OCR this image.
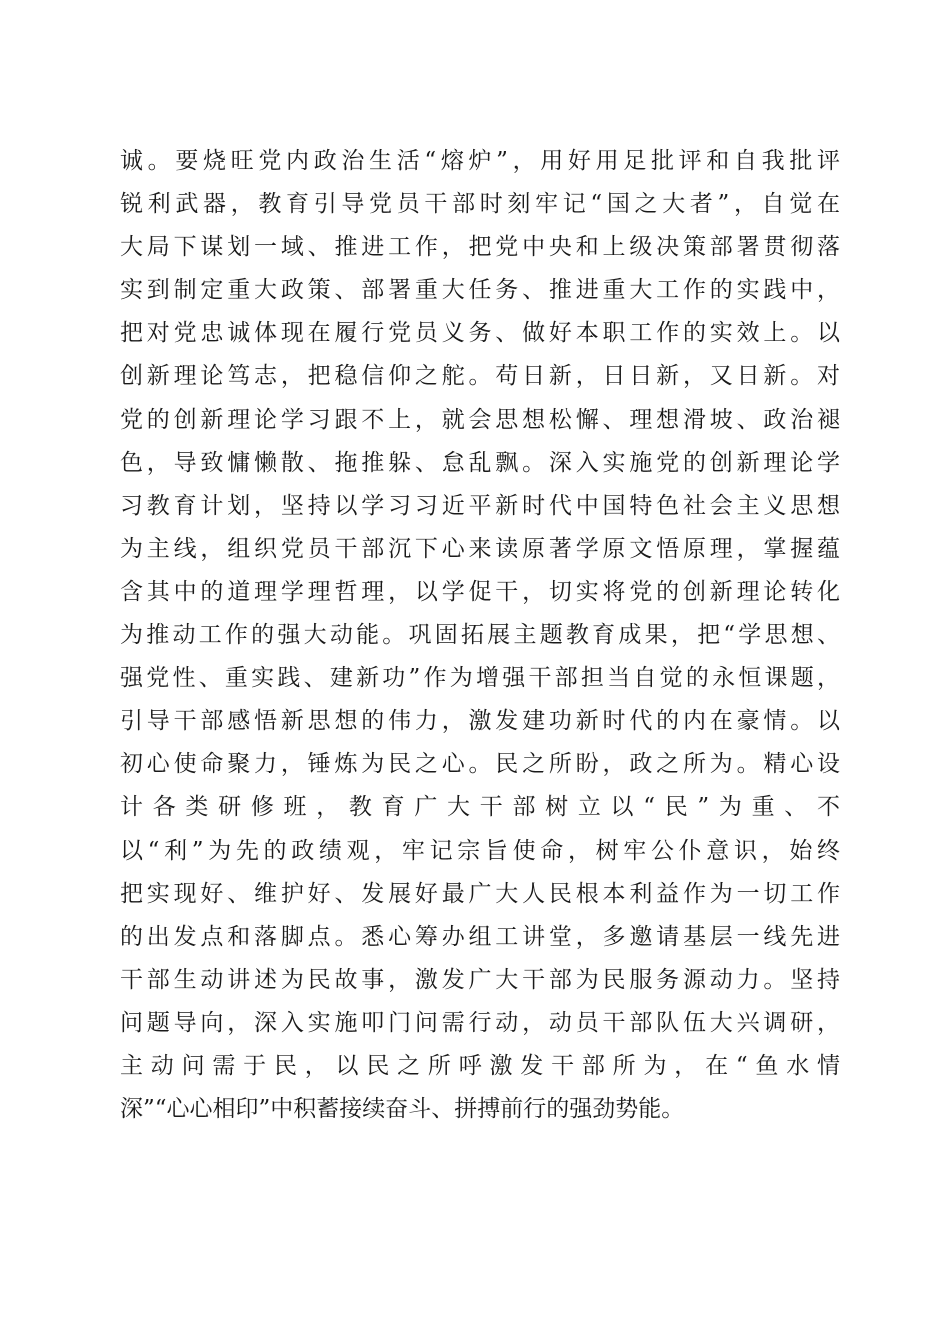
诚。要烧旺党内政治生活“熔炉”，用好用足批评和自我批评
锐利武器，教育引导党员干部时刻牢记“国之大者”，自觉在
大局下谋划一域、推进工作，把党中央和上级决策部署贯彻落
实到制定重大政策、部署重大任务、推进重大工作的实践中，
把对党忠诚体现在履行党员义务、做好本职工作的实效上。以
创新理论笃志，把稳信仰之舵。苟日新，日日新，又日新。对
党的创新理论学习跟不上，就会思想松懈、理想滑坡、政治褪
色，导致慵懒散、拖推躲、怠乱飘。深入实施党的创新理论学
习教育计划，坚持以学习习近平新时代中国特色社会主义思想
为主线，组织党员干部沉下心来读原著学原文悟原理，掌握蕴
含其中的道理学理哲理，以学促干，切实将党的创新理论转化
为推动工作的强大动能。巩固拓展主题教育成果，把“学思想、
强党性、重实践、建新功”作为增强干部担当自觉的永恒课题，
引导干部感悟新思想的伟力，激发建功新时代的内在豪情。以
初心使命聚力，锤炼为民之心。民之所盼，政之所为。精心设
计各类研修班，教育广大干部树立以“民”为重、不
以“利”为先的政绩观，牢记宗旨使命，树牢公仆意识，始终
把实现好、维护好、发展好最广大人民根本利益作为一切工作
的出发点和落脚点。悉心筹办组工讲堂，多邀请基层一线先进
干部生动讲述为民故事，激发广大干部为民服务源动力。坚持
问题导向，深入实施叩门问需行动，动员干部队伍大兴调研，
主动问需于民，以民之所呼激发干部所为，在“鱼水情
深”“心心相印”中积蓄接续奋斗、拼搏前行的强劲势能。
